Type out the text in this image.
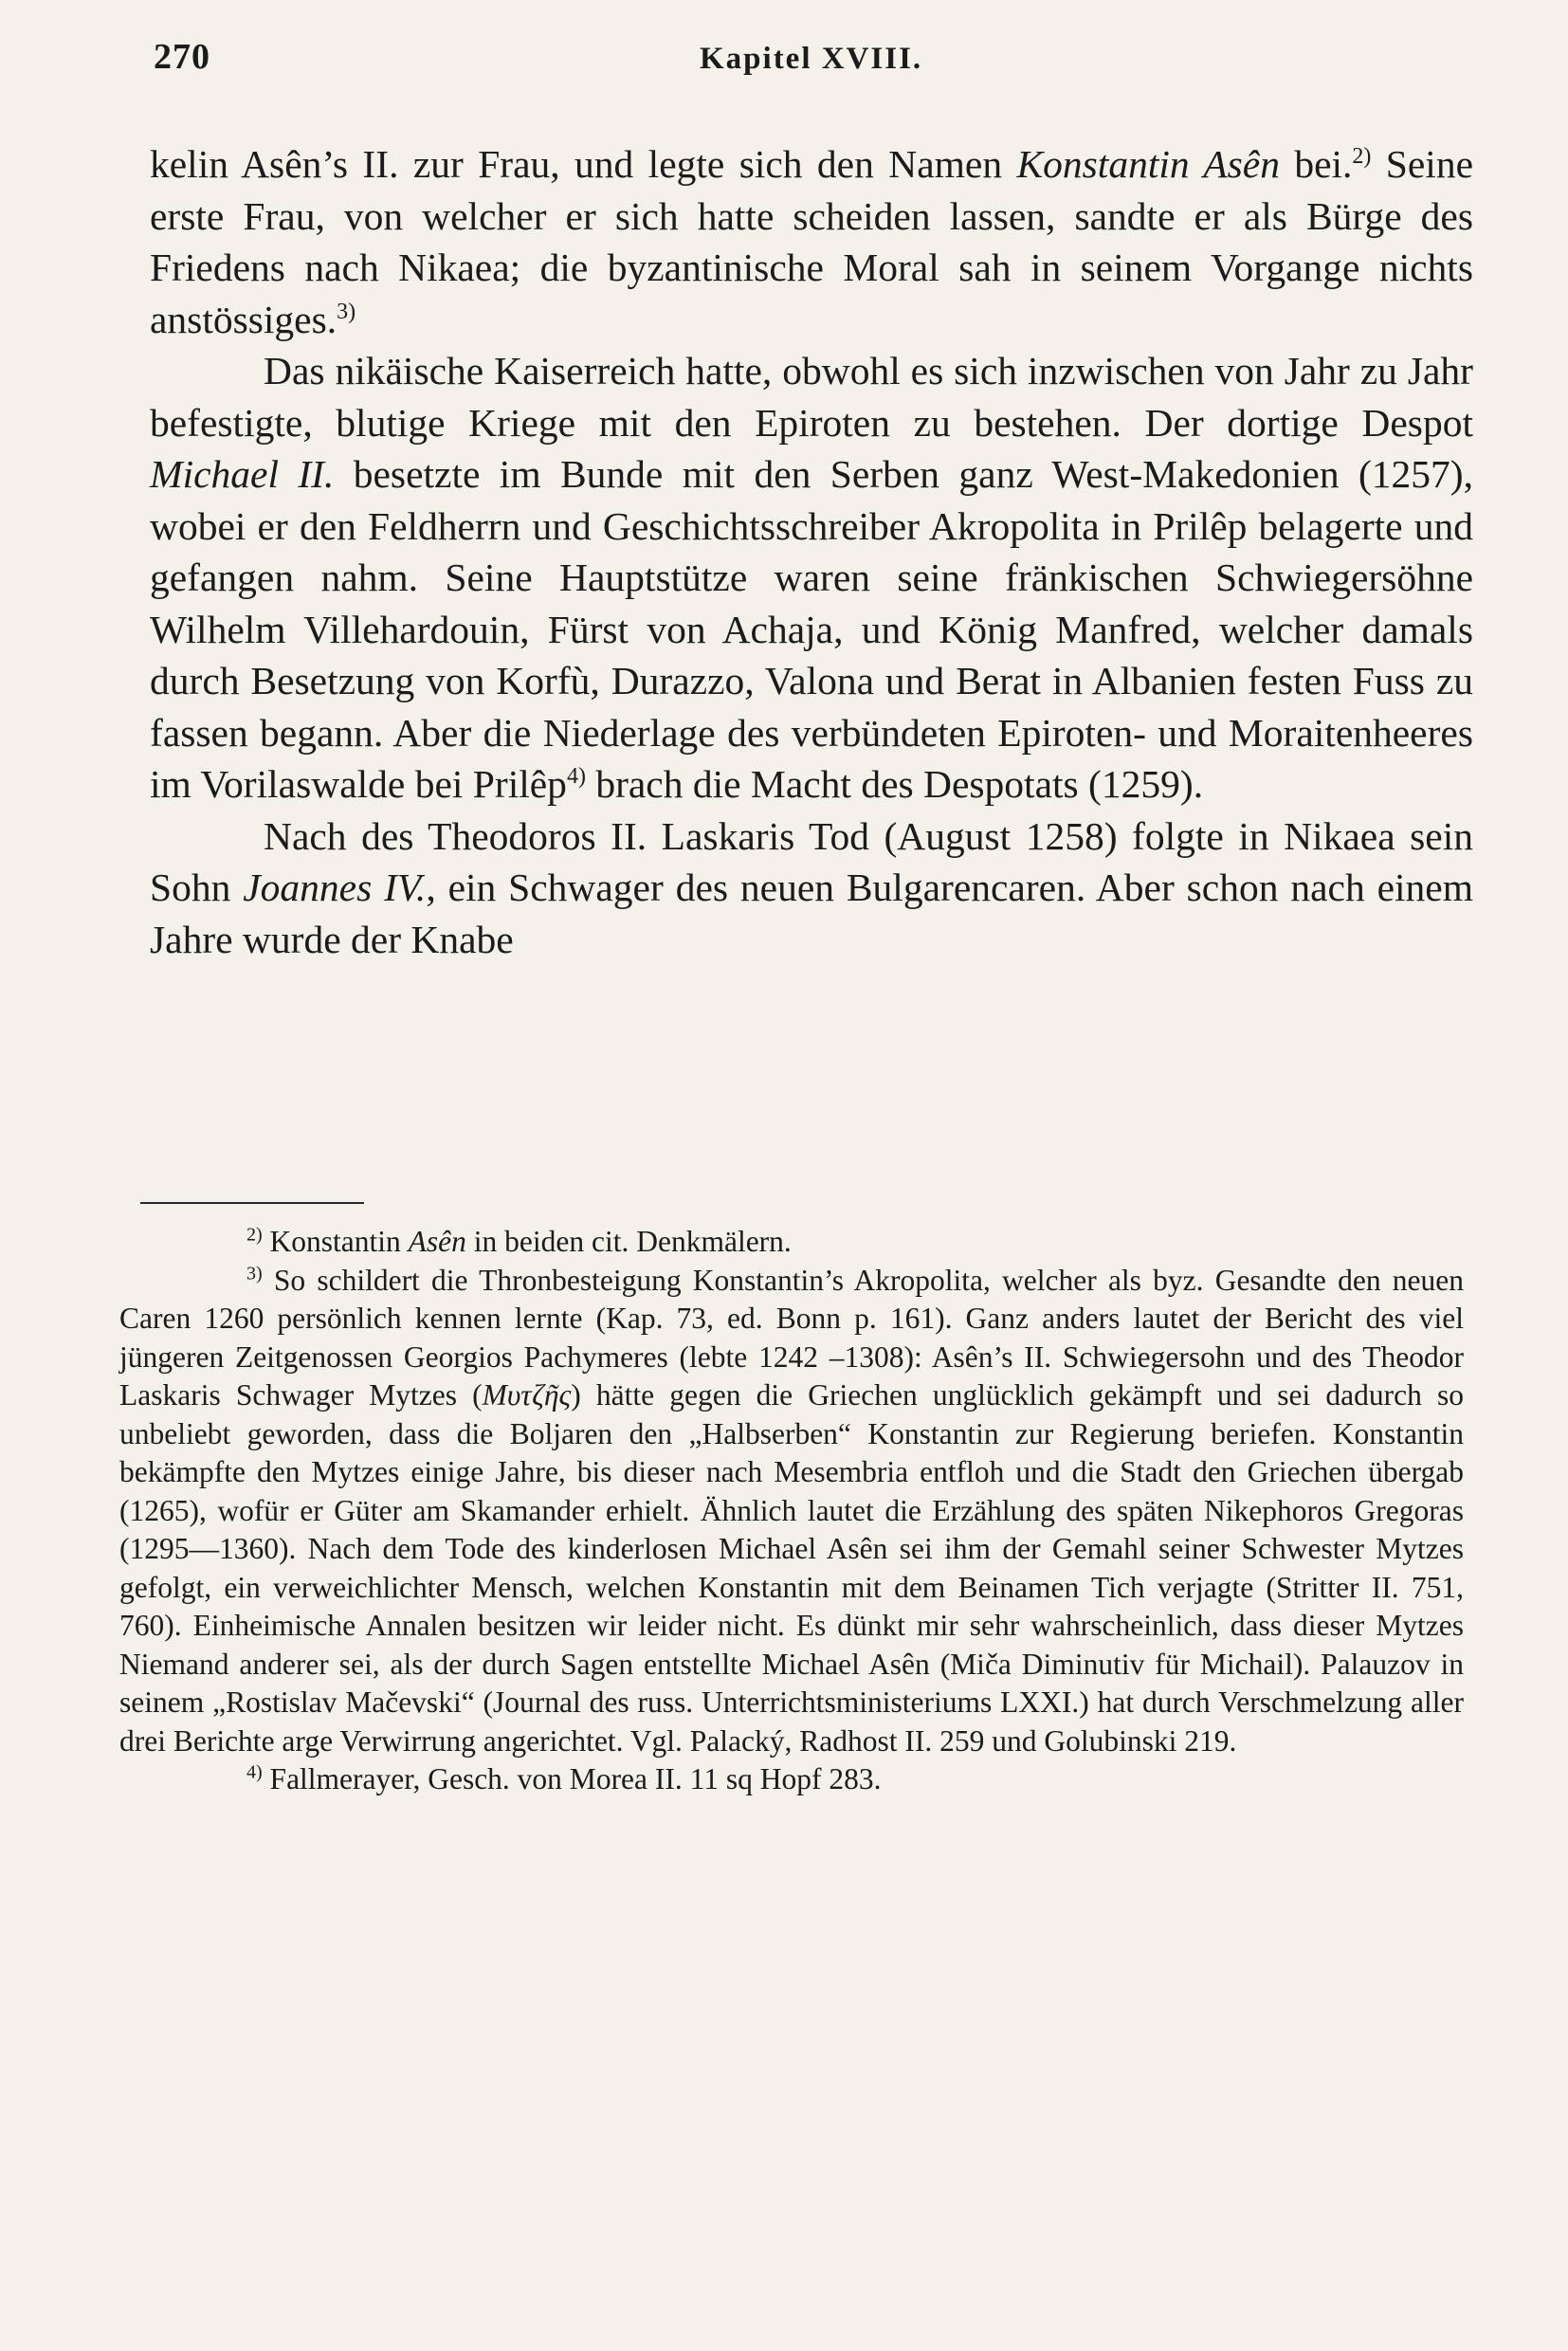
270	Kapitel XVIII.

kelin Asên’s II. zur Frau, und legte sich den Namen Konstantin Asên bei.$^{2)}$ Seine erste Frau, von welcher er sich hatte scheiden lassen, sandte er als Bürge des Friedens nach Nikaea; die byzantinische Moral sah in seinem Vorgange nichts anstössiges.$^{3)}$

Das nikäische Kaiserreich hatte, obwohl es sich inzwischen von Jahr zu Jahr befestigte, blutige Kriege mit den Epiroten zu bestehen. Der dortige Despot Michael II. besetzte im Bunde mit den Serben ganz West-Makedonien (1257), wobei er den Feldherrn und Geschichtsschreiber Akropolita in Prilêp belagerte und gefangen nahm. Seine Hauptstütze waren seine fränkischen Schwiegersöhne Wilhelm Villehardouin, Fürst von Achaja, und König Manfred, welcher damals durch Besetzung von Korfù, Durazzo, Valona und Berat in Albanien festen Fuss zu fassen begann. Aber die Niederlage des verbündeten Epiroten- und Moraitenheeres im Vorilaswalde bei Prilêp$^{4)}$ brach die Macht des Despotats (1259).

Nach des Theodoros II. Laskaris Tod (August 1258) folgte in Nikaea sein Sohn Joannes IV., ein Schwager des neuen Bulgarencaren. Aber schon nach einem Jahre wurde der Knabe

$^{2)}$ Konstantin Asên in beiden cit. Denkmälern.

$^{3)}$ So schildert die Thronbesteigung Konstantin’s Akropolita, welcher als byz. Gesandte den neuen Caren 1260 persönlich kennen lernte (Kap. 73, ed. Bonn p. 161). Ganz anders lautet der Bericht des viel jüngeren Zeitgenossen Georgios Pachymeres (lebte 1242 –1308): Asên’s II. Schwiegersohn und des Theodor Laskaris Schwager Mytzes (Μυτζῆς) hätte gegen die Griechen unglücklich gekämpft und sei dadurch so unbeliebt geworden, dass die Boljaren den „Halbserben“ Konstantin zur Regierung beriefen. Konstantin bekämpfte den Mytzes einige Jahre, bis dieser nach Mesembria entfloh und die Stadt den Griechen übergab (1265), wofür er Güter am Skamander erhielt. Ähnlich lautet die Erzählung des späten Nikephoros Gregoras (1295—1360). Nach dem Tode des kinderlosen Michael Asên sei ihm der Gemahl seiner Schwester Mytzes gefolgt, ein verweichlichter Mensch, welchen Konstantin mit dem Beinamen Tich verjagte (Stritter II. 751, 760). Einheimische Annalen besitzen wir leider nicht. Es dünkt mir sehr wahrscheinlich, dass dieser Mytzes Niemand anderer sei, als der durch Sagen entstellte Michael Asên (Miča Diminutiv für Michail). Palauzov in seinem „Rostislav Mačevski“ (Journal des russ. Unterrichtsministeriums LXXI.) hat durch Verschmelzung aller drei Berichte arge Verwirrung angerichtet. Vgl. Palacký, Radhost II. 259 und Golubinski 219.

$^{4)}$ Fallmerayer, Gesch. von Morea II. 11 sq Hopf 283.
